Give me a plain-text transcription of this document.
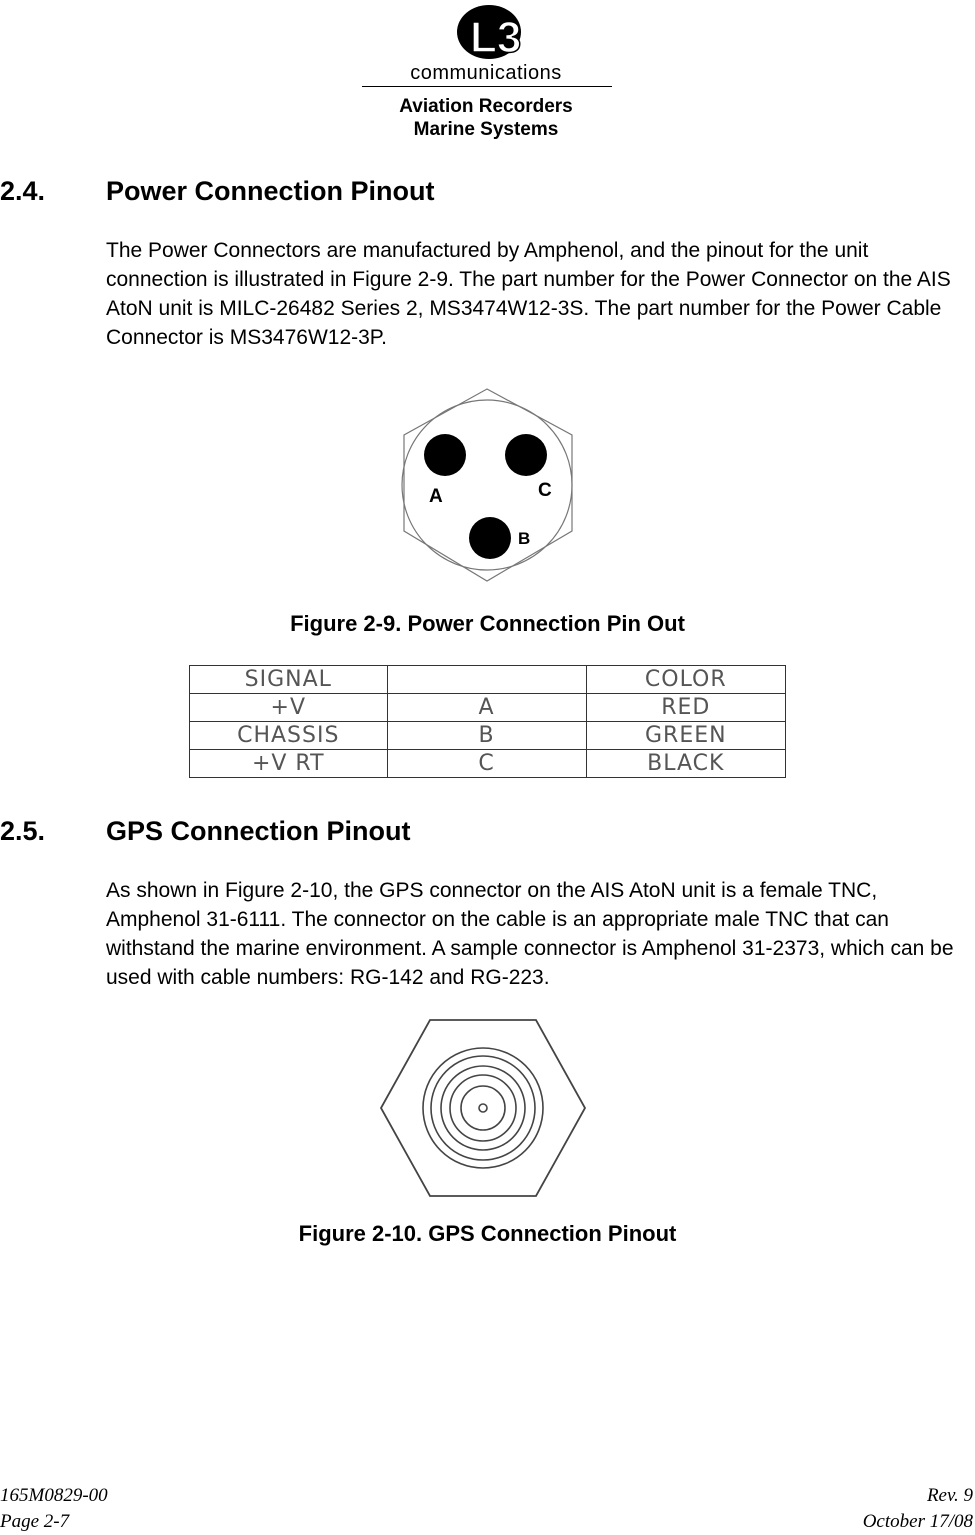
L3
communications
Aviation Recorders
Marine Systems
2.4. Power Connection Pinout
The Power Connectors are manufactured by Amphenol, and the pinout for the unit connection is illustrated in Figure 2‑9. The part number for the Power Connector on the AIS AtoN unit is MILC‑26482 Series 2, MS3474W12‑3S. The part number for the Power Cable Connector is MS3476W12‑3P.
A	C
B
Figure 2‑9. Power Connection Pin Out
SIGNAL		COLOR
+V	A	RED
CHASSIS	B	GREEN
+V RT	C	BLACK
2.5. GPS Connection Pinout
As shown in Figure 2‑10, the GPS connector on the AIS AtoN unit is a female TNC, Amphenol 31‑6111. The connector on the cable is an appropriate male TNC that can withstand the marine environment. A sample connector is Amphenol 31‑2373, which can be used with cable numbers: RG‑142 and RG‑223.
Figure 2‑10. GPS Connection Pinout
165M0829‑00
Page 2‑7
Rev. 9
October 17/08
